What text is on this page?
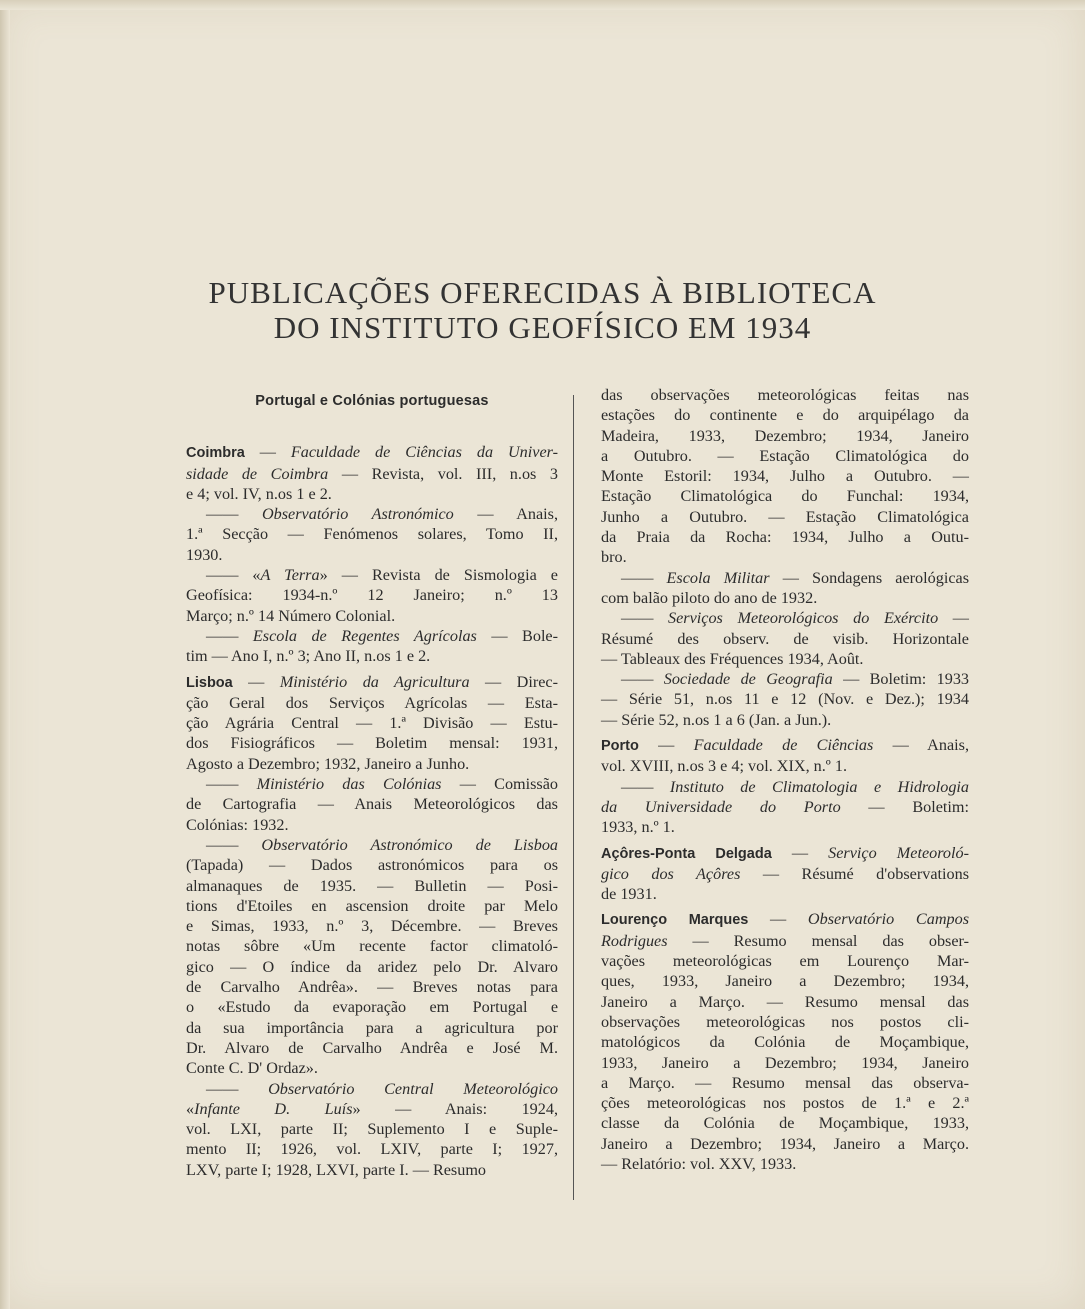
PUBLICAÇÕES OFERECIDAS À BIBLIOTECA
DO INSTITUTO GEOFÍSICO EM 1934
Portugal e Colónias portuguesas
Coimbra — Faculdade de Ciências da Univer-
sidade de Coimbra — Revista, vol. III, n.os 3
e 4; vol. IV, n.os 1 e 2.
—— Observatório Astronómico — Anais,
1.ª Secção — Fenómenos solares, Tomo II,
1930.
—— «A Terra» — Revista de Sismologia e
Geofísica: 1934-n.º 12 Janeiro; n.º 13
Março; n.º 14 Número Colonial.
—— Escola de Regentes Agrícolas — Bole-
tim — Ano I, n.º 3; Ano II, n.os 1 e 2.
Lisboa — Ministério da Agricultura — Direc-
ção Geral dos Serviços Agrícolas — Esta-
ção Agrária Central — 1.ª Divisão — Estu-
dos Fisiográficos — Boletim mensal: 1931,
Agosto a Dezembro; 1932, Janeiro a Junho.
—— Ministério das Colónias — Comissão
de Cartografia — Anais Meteorológicos das
Colónias: 1932.
—— Observatório Astronómico de Lisboa
(Tapada) — Dados astronómicos para os
almanaques de 1935. — Bulletin — Posi-
tions d'Etoiles en ascension droite par Melo
e Simas, 1933, n.º 3, Décembre. — Breves
notas sôbre «Um recente factor climatoló-
gico — O índice da aridez pelo Dr. Alvaro
de Carvalho Andrêa». — Breves notas para
o «Estudo da evaporação em Portugal e
da sua importância para a agricultura por
Dr. Alvaro de Carvalho Andrêa e José M.
Conte C. D' Ordaz».
—— Observatório Central Meteorológico
«Infante D. Luís» — Anais: 1924,
vol. LXI, parte II; Suplemento I e Suple-
mento II; 1926, vol. LXIV, parte I; 1927,
LXV, parte I; 1928, LXVI, parte I. — Resumo
das observações meteorológicas feitas nas
estações do continente e do arquipélago da
Madeira, 1933, Dezembro; 1934, Janeiro
a Outubro. — Estação Climatológica do
Monte Estoril: 1934, Julho a Outubro. —
Estação Climatológica do Funchal: 1934,
Junho a Outubro. — Estação Climatológica
da Praia da Rocha: 1934, Julho a Outu-
bro.
—— Escola Militar — Sondagens aerológicas
com balão piloto do ano de 1932.
—— Serviços Meteorológicos do Exército —
Résumé des observ. de visib. Horizontale
— Tableaux des Fréquences 1934, Août.
—— Sociedade de Geografia — Boletim: 1933
— Série 51, n.os 11 e 12 (Nov. e Dez.); 1934
— Série 52, n.os 1 a 6 (Jan. a Jun.).
Porto — Faculdade de Ciências — Anais,
vol. XVIII, n.os 3 e 4; vol. XIX, n.º 1.
—— Instituto de Climatologia e Hidrologia
da Universidade do Porto — Boletim:
1933, n.º 1.
Açôres-Ponta Delgada — Serviço Meteoroló-
gico dos Açôres — Résumé d'observations
de 1931.
Lourenço Marques — Observatório Campos
Rodrigues — Resumo mensal das obser-
vações meteorológicas em Lourenço Mar-
ques, 1933, Janeiro a Dezembro; 1934,
Janeiro a Março. — Resumo mensal das
observações meteorológicas nos postos cli-
matológicos da Colónia de Moçambique,
1933, Janeiro a Dezembro; 1934, Janeiro
a Março. — Resumo mensal das observa-
ções meteorológicas nos postos de 1.ª e 2.ª
classe da Colónia de Moçambique, 1933,
Janeiro a Dezembro; 1934, Janeiro a Março.
— Relatório: vol. XXV, 1933.
